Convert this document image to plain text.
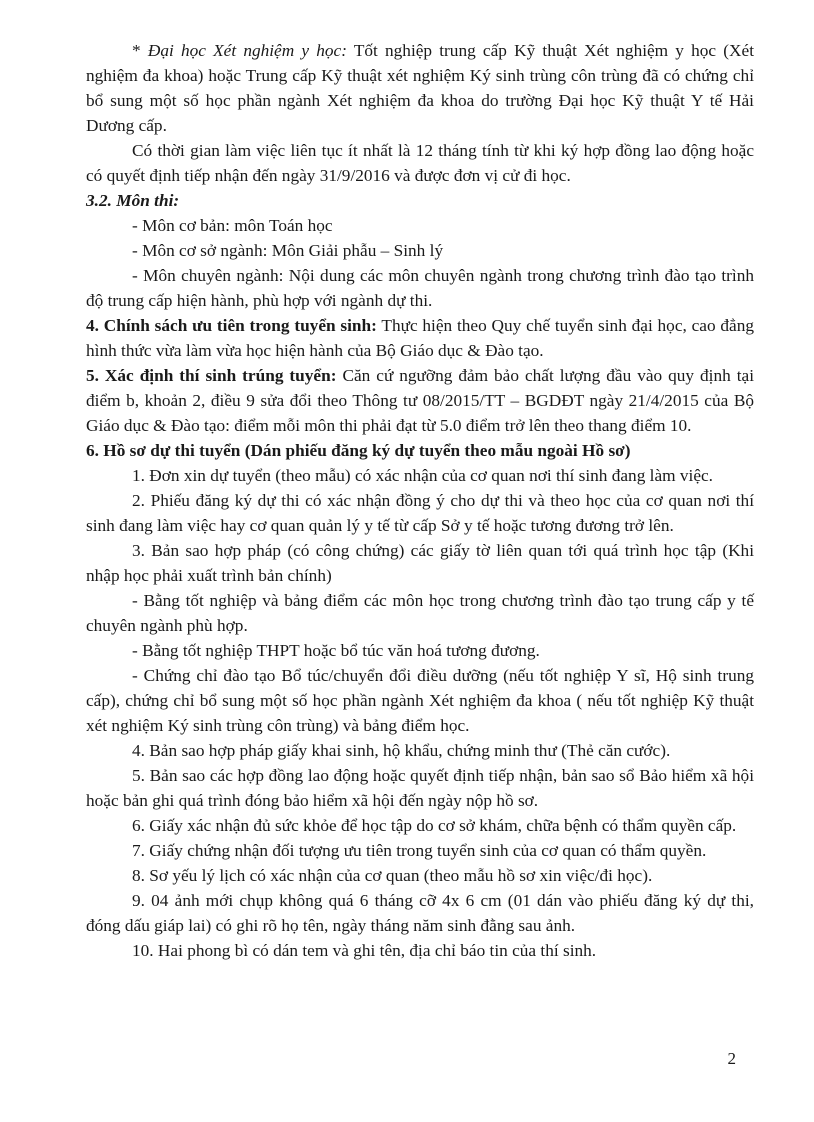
* Đại học Xét nghiệm y học: Tốt nghiệp trung cấp Kỹ thuật Xét nghiệm y học (Xét nghiệm đa khoa) hoặc Trung cấp Kỹ thuật xét nghiệm Ký sinh trùng côn trùng đã có chứng chỉ bổ sung một số học phần ngành Xét nghiệm đa khoa do trường Đại học Kỹ thuật Y tế Hải Dương cấp.

Có thời gian làm việc liên tục ít nhất là 12 tháng tính từ khi ký hợp đồng lao động hoặc có quyết định tiếp nhận đến ngày 31/9/2016 và được đơn vị cử đi học.

3.2. Môn thi:

- Môn cơ bản: môn Toán học

- Môn cơ sở ngành: Môn Giải phẫu – Sinh lý

- Môn chuyên ngành: Nội dung các môn chuyên ngành trong chương trình đào tạo trình độ trung cấp hiện hành, phù hợp với ngành dự thi.

4. Chính sách ưu tiên trong tuyển sinh: Thực hiện theo Quy chế tuyển sinh đại học, cao đẳng hình thức vừa làm vừa học hiện hành của Bộ Giáo dục & Đào tạo.

5. Xác định thí sinh trúng tuyển: Căn cứ ngưỡng đảm bảo chất lượng đầu vào quy định tại điểm b, khoản 2, điều 9 sửa đổi theo Thông tư 08/2015/TT – BGDĐT ngày 21/4/2015 của Bộ Giáo dục & Đào tạo: điểm mỗi môn thi phải đạt từ 5.0 điểm trở lên theo thang điểm 10.

6. Hồ sơ dự thi tuyển (Dán phiếu đăng ký dự tuyển theo mẫu ngoài Hồ sơ)

1. Đơn xin dự tuyển (theo mẫu) có xác nhận của cơ quan nơi thí sinh đang làm việc.

2. Phiếu đăng ký dự thi có xác nhận đồng ý cho dự thi và theo học của cơ quan nơi thí sinh đang làm việc hay cơ quan quản lý y tế từ cấp Sở y tế hoặc tương đương trở lên.

3. Bản sao hợp pháp (có công chứng) các giấy tờ liên quan tới quá trình học tập (Khi nhập học phải xuất trình bản chính)

- Bằng tốt nghiệp và bảng điểm các môn học trong chương trình đào tạo trung cấp y tế chuyên ngành phù hợp.

- Bằng tốt nghiệp THPT hoặc bổ túc văn hoá tương đương.

- Chứng chỉ đào tạo Bổ túc/chuyển đổi điều dưỡng (nếu tốt nghiệp Y sĩ, Hộ sinh trung cấp), chứng chỉ bổ sung một số học phần ngành Xét nghiệm đa khoa ( nếu tốt nghiệp Kỹ thuật xét nghiệm Ký sinh trùng côn trùng) và bảng điểm học.

4. Bản sao hợp pháp giấy khai sinh, hộ khẩu, chứng minh thư (Thẻ căn cước).

5. Bản sao các hợp đồng lao động hoặc quyết định tiếp nhận, bản sao sổ Bảo hiểm xã hội hoặc bản ghi quá trình đóng bảo hiểm xã hội đến ngày nộp hồ sơ.

6. Giấy xác nhận đủ sức khỏe để học tập do cơ sở khám, chữa bệnh có thẩm quyền cấp.

7. Giấy chứng nhận đối tượng ưu tiên trong tuyển sinh của cơ quan có thẩm quyền.

8. Sơ yếu lý lịch có xác nhận của cơ quan (theo mẫu hồ sơ xin việc/đi học).

9. 04 ảnh mới chụp không quá 6 tháng cỡ 4x 6 cm (01 dán vào phiếu đăng ký dự thi, đóng dấu giáp lai) có ghi rõ họ tên, ngày tháng năm sinh đằng sau ảnh.

10. Hai phong bì có dán tem và ghi tên, địa chỉ báo tin của thí sinh.

2
